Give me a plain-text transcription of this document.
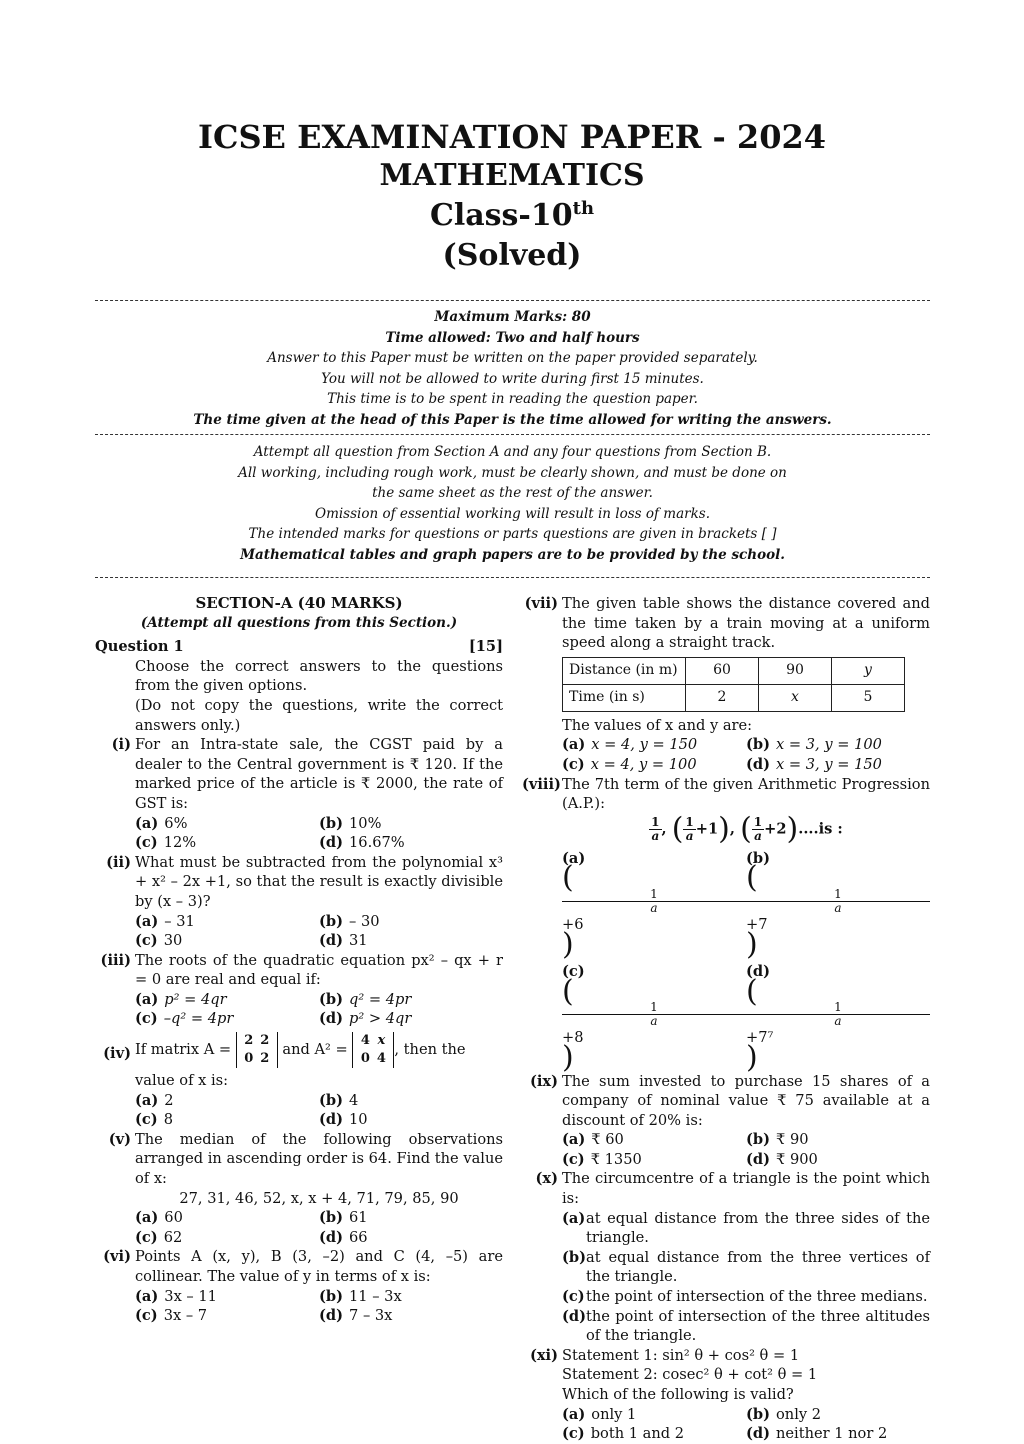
ICSE EXAMINATION PAPER - 2024
MATHEMATICS
Class-10th
(Solved)
Maximum Marks: 80
Time allowed: Two and half hours
Answer to this Paper must be written on the paper provided separately.
You will not be allowed to write during first 15 minutes.
This time is to be spent in reading the question paper.
The time given at the head of this Paper is the time allowed for writing the answers.
Attempt all question from Section A and any four questions from Section B.
All working, including rough work, must be clearly shown, and must be done on
the same sheet as the rest of the answer.
Omission of essential working will result in loss of marks.
The intended marks for questions or parts questions are given in brackets [ ]
Mathematical tables and graph papers are to be provided by the school.
SECTION-A (40 MARKS)
(Attempt all questions from this Section.)
Question 1	[15]
Choose the correct answers to the questions from the given options.
(Do not copy the questions, write the correct answers only.)
(i) For an Intra-state sale, the CGST paid by a dealer to the Central government is ₹ 120. If the marked price of the article is ₹ 2000, the rate of GST is:
(a) 6%	(b) 10%
(c) 12%	(d) 16.67%
(ii) What must be subtracted from the polynomial x³ + x² – 2x +1, so that the result is exactly divisible by (x – 3)?
(a) – 31	(b) – 30
(c) 30	(d) 31
(iii) The roots of the quadratic equation px² – qx + r = 0 are real and equal if:
(a) p² = 4qr	(b) q² = 4pr
(c) –q² = 4pr	(d) p² > 4qr
(iv) If matrix A = 2 2
0 2 and A² = 4 x
0 4, then the
value of x is:
(a) 2	(b) 4
(c) 8	(d) 10
(v) The median of the following observations arranged in ascending order is 64. Find the value of x:
27, 31, 46, 52, x, x + 4, 71, 79, 85, 90
(a) 60	(b) 61
(c) 62	(d) 66
(vi) Points A (x, y), B (3, –2) and C (4, –5) are collinear. The value of y in terms of x is:
(a) 3x – 11	(b) 11 – 3x
(c) 3x – 7	(d) 7 – 3x
(vii) The given table shows the distance covered and the time taken by a train moving at a uniform speed along a straight track.
Distance (in m)	60	90	y
Time (in s)	2	x	5
The values of x and y are:
(a) x = 4, y = 150	(b) x = 3, y = 100
(c) x = 4, y = 100	(d) x = 3, y = 150
(viii) The 7th term of the given Arithmetic Progression (A.P.):
$\frac{1}{a}$ , ( $\frac{1}{a} +1$), ( $\frac{1}{a} +2)....is$ :
(a)
(	1
a
+6
)
(b)
(	1
a
+7
)
(c)
(	1
a
+8
)
(d)
(	1
a
+7⁷
)
(ix) The sum invested to purchase 15 shares of a company of nominal value ₹ 75 available at a discount of 20% is:
(a) ₹ 60	(b) ₹ 90
(c) ₹ 1350	(d) ₹ 900
(x) The circumcentre of a triangle is the point which is:
(a) at equal distance from the three sides of the triangle.
(b) at equal distance from the three vertices of the triangle.
(c) the point of intersection of the three medians.
(d) the point of intersection of the three altitudes of the triangle.
(xi) Statement 1: sin² θ + cos² θ = 1
Statement 2: cosec² θ + cot² θ = 1
Which of the following is valid?
(a) only 1	(b) only 2
(c) both 1 and 2	(d) neither 1 nor 2
